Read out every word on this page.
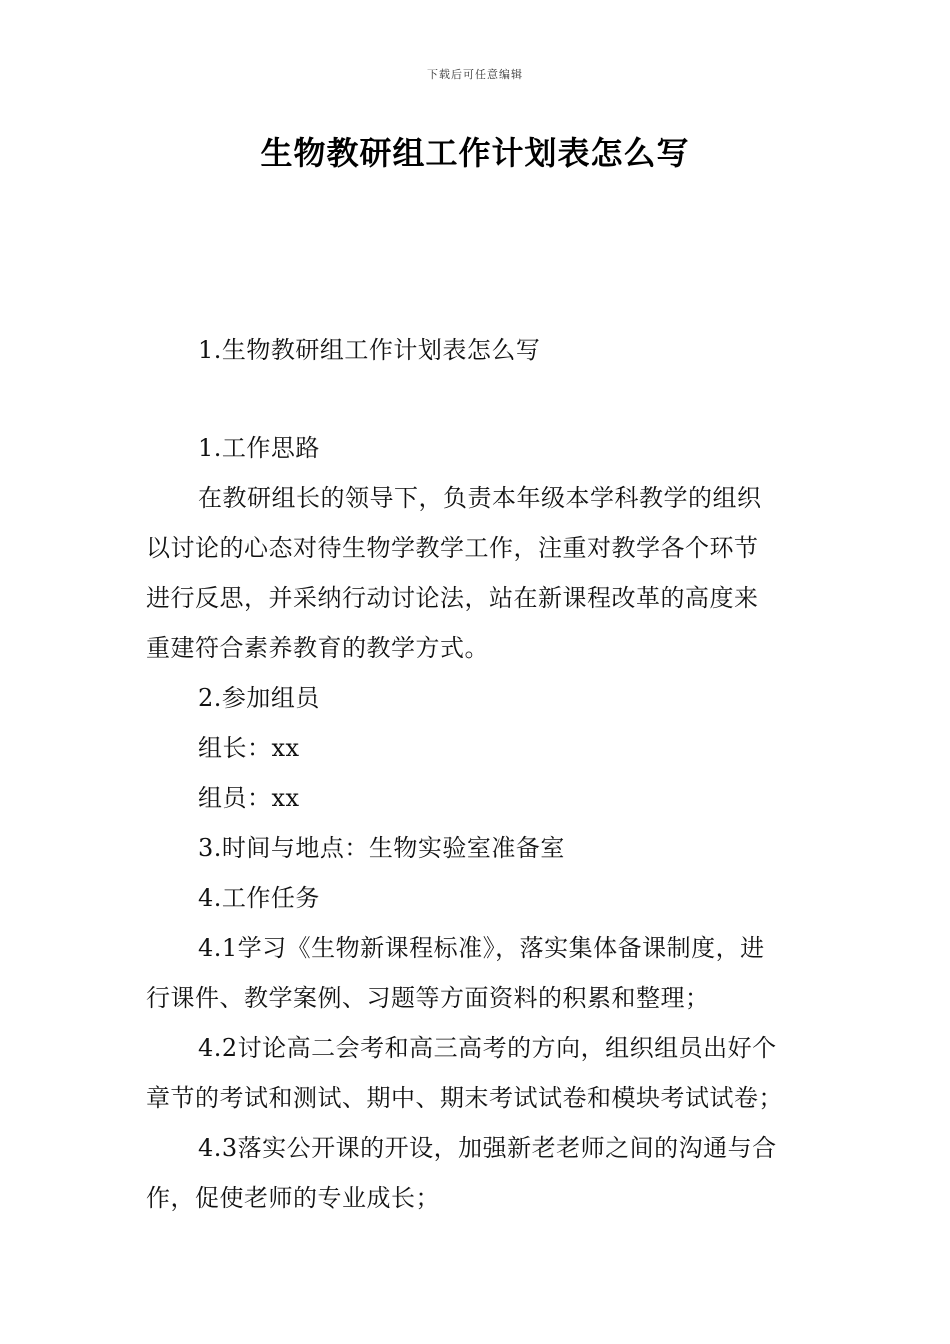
下载后可任意编辑
生物教研组工作计划表怎么写
1.生物教研组工作计划表怎么写
1.工作思路
在教研组长的领导下，负责本年级本学科教学的组织
以讨论的心态对待生物学教学工作，注重对教学各个环节
进行反思，并采纳行动讨论法，站在新课程改革的高度来
重建符合素养教育的教学方式。
2.参加组员
组长：xx
组员：xx
3.时间与地点：生物实验室准备室
4.工作任务
4.1学习《生物新课程标准》，落实集体备课制度，进
行课件、教学案例、习题等方面资料的积累和整理；
4.2讨论高二会考和高三高考的方向，组织组员出好个
章节的考试和测试、期中、期末考试试卷和模块考试试卷；
4.3落实公开课的开设，加强新老老师之间的沟通与合
作，促使老师的专业成长；
